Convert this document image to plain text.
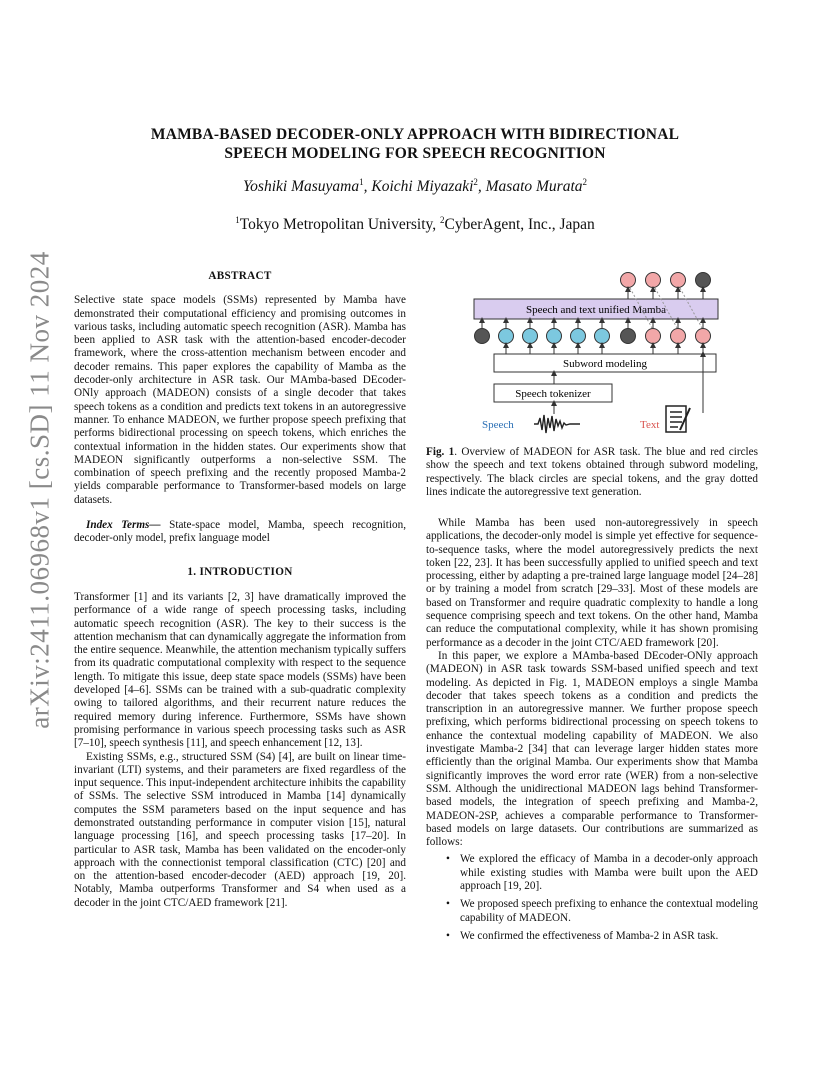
arXiv:2411.06968v1 [cs.SD] 11 Nov 2024
MAMBA-BASED DECODER-ONLY APPROACH WITH BIDIRECTIONAL
SPEECH MODELING FOR SPEECH RECOGNITION
Yoshiki Masuyama$^1$, Koichi Miyazaki$^2$, Masato Murata$^2$
$^1$Tokyo Metropolitan University, $^2$CyberAgent, Inc., Japan
ABSTRACT

Selective state space models (SSMs) represented by Mamba have demonstrated their computational efficiency and promising outcomes in various tasks, including automatic speech recognition (ASR). Mamba has been applied to ASR task with the attention-based encoder-decoder framework, where the cross-attention mechanism between encoder and decoder remains. This paper explores the capability of Mamba as the decoder-only architecture in ASR task. Our MAmba-based DEcoder-ONly approach (MADEON) consists of a single decoder that takes speech tokens as a condition and predicts text tokens in an autoregressive manner. To enhance MADEON, we further propose speech prefixing that performs bidirectional processing on speech tokens, which enriches the contextual information in the hidden states. Our experiments show that MADEON significantly outperforms a non-selective SSM. The combination of speech prefixing and the recently proposed Mamba-2 yields comparable performance to Transformer-based models on large datasets.

Index Terms— State-space model, Mamba, speech recognition, decoder-only model, prefix language model

1. INTRODUCTION

Transformer [1] and its variants [2, 3] have dramatically improved the performance of a wide range of speech processing tasks, including automatic speech recognition (ASR). The key to their success is the attention mechanism that can dynamically aggregate the information from the entire sequence. Meanwhile, the attention mechanism typically suffers from its quadratic computational complexity with respect to the sequence length. To mitigate this issue, deep state space models (SSMs) have been developed [4–6]. SSMs can be trained with a sub-quadratic complexity owing to tailored algorithms, and their recurrent nature reduces the required memory during inference. Furthermore, SSMs have shown promising performance in various speech processing tasks such as ASR [7–10], speech synthesis [11], and speech enhancement [12, 13].

Existing SSMs, e.g., structured SSM (S4) [4], are built on linear time-invariant (LTI) systems, and their parameters are fixed regardless of the input sequence. This input-independent architecture inhibits the capability of SSMs. The selective SSM introduced in Mamba [14] dynamically computes the SSM parameters based on the input sequence and has demonstrated outstanding performance in computer vision [15], natural language processing [16], and speech processing tasks [17–20]. In particular to ASR task, Mamba has been validated on the encoder-only approach with the connectionist temporal classification (CTC) [20] and on the attention-based encoder-decoder (AED) approach [19, 20]. Notably, Mamba outperforms Transformer and S4 when used as a decoder in the joint CTC/AED framework [21].

Speech and text unified Mamba
Subword modeling
Speech tokenizer
Speech	Text
Fig. 1. Overview of MADEON for ASR task. The blue and red circles show the speech and text tokens obtained through subword modeling, respectively. The black circles are special tokens, and the gray dotted lines indicate the autoregressive text generation.

While Mamba has been used non-autoregressively in speech applications, the decoder-only model is simple yet effective for sequence-to-sequence tasks, where the model autoregressively predicts the next token [22, 23]. It has been successfully applied to unified speech and text processing, either by adapting a pre-trained large language model [24–28] or by training a model from scratch [29–33]. Most of these models are based on Transformer and require quadratic complexity to handle a long sequence comprising speech and text tokens. On the other hand, Mamba can reduce the computational complexity, while it has shown promising performance as a decoder in the joint CTC/AED framework [20].

In this paper, we explore a MAmba-based DEcoder-ONly approach (MADEON) in ASR task towards SSM-based unified speech and text modeling. As depicted in Fig. 1, MADEON employs a single Mamba decoder that takes speech tokens as a condition and predicts the transcription in an autoregressive manner. We further propose speech prefixing, which performs bidirectional processing on speech tokens to enhance the contextual modeling capability of MADEON. We also investigate Mamba-2 [34] that can leverage larger hidden states more efficiently than the original Mamba. Our experiments show that Mamba significantly improves the word error rate (WER) from a non-selective SSM. Although the unidirectional MADEON lags behind Transformer-based models, the integration of speech prefixing and Mamba-2, MADEON-2SP, achieves a comparable performance to Transformer-based models on large datasets. Our contributions are summarized as follows:

• We explored the efficacy of Mamba in a decoder-only approach while existing studies with Mamba were built upon the AED approach [19, 20].
• We proposed speech prefixing to enhance the contextual modeling capability of MADEON.
• We confirmed the effectiveness of Mamba-2 in ASR task.
